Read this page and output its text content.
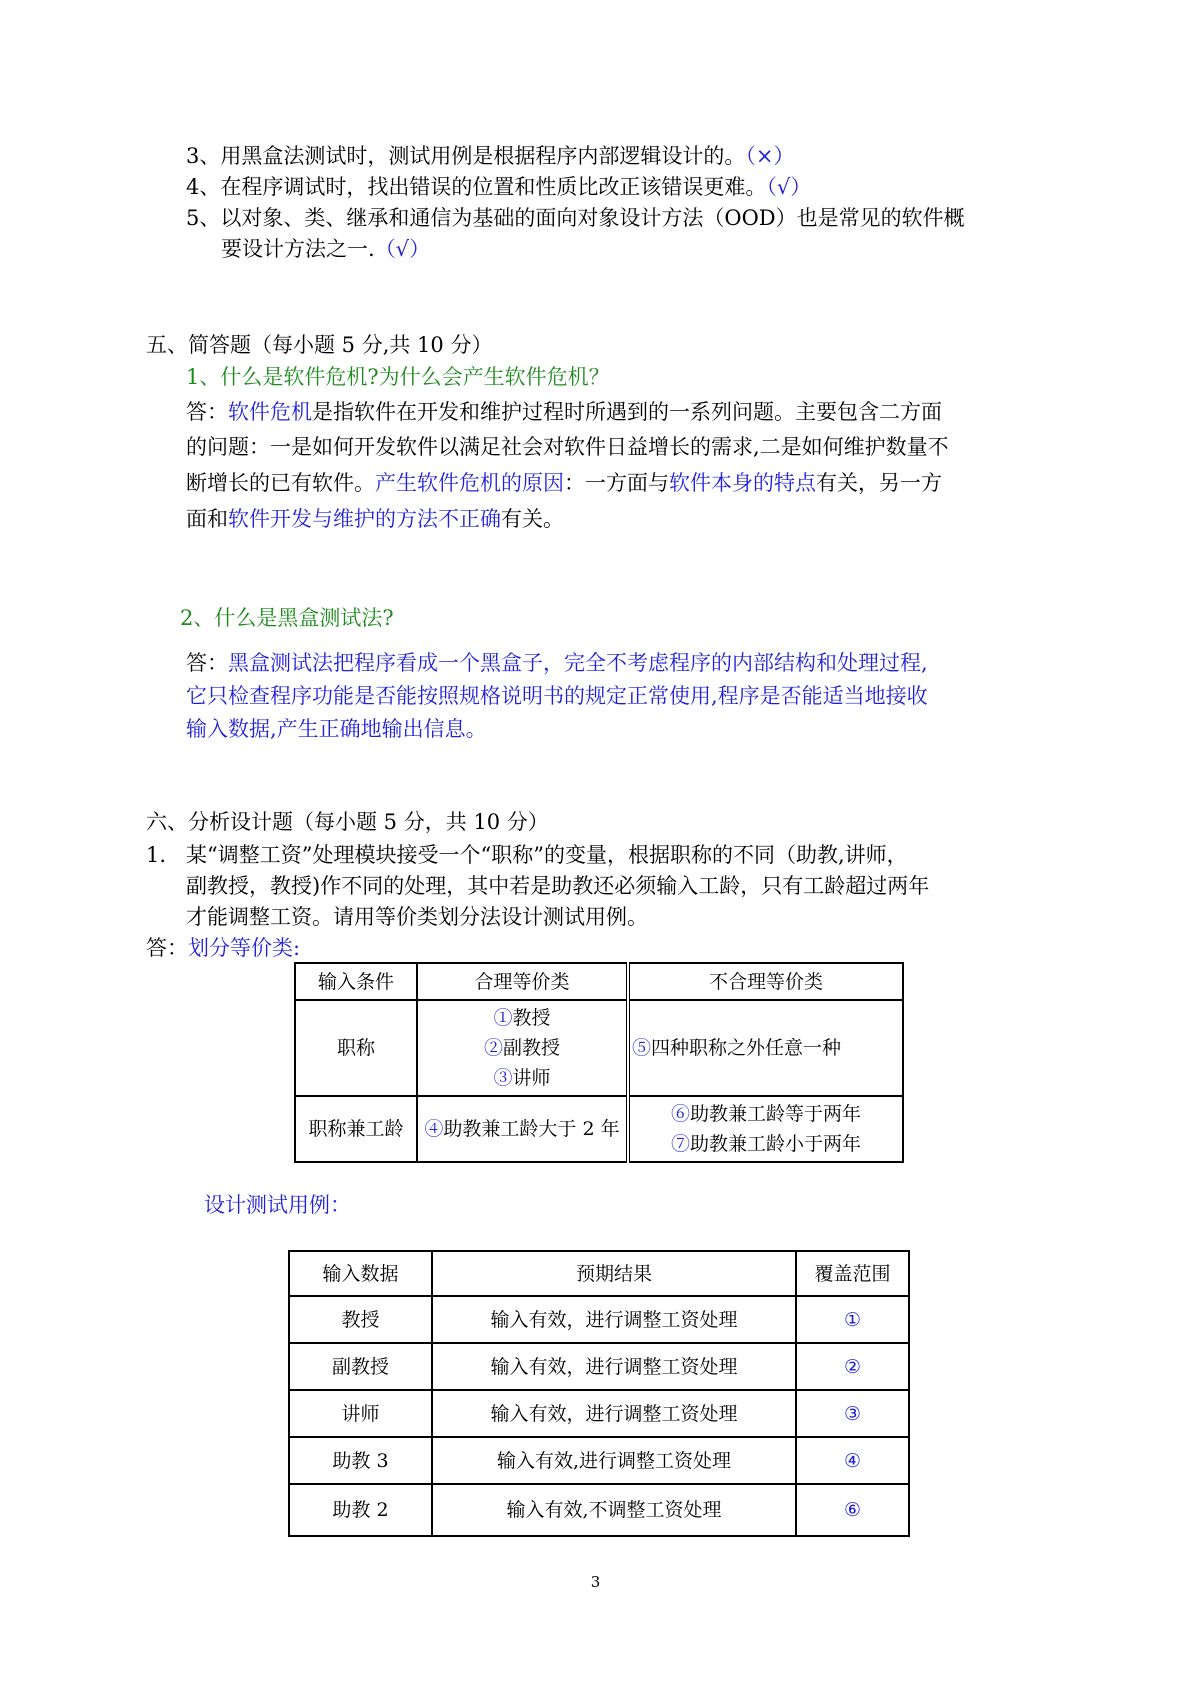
3、用黑盒法测试时，测试用例是根据程序内部逻辑设计的。（×）
4、在程序调试时，找出错误的位置和性质比改正该错误更难。（√）
5、以对象、类、继承和通信为基础的面向对象设计方法（OOD）也是常见的软件概
要设计方法之一.（√）
五、简答题（每小题 5 分,共 10 分）
1、什么是软件危机?为什么会产生软件危机？
答：软件危机是指软件在开发和维护过程时所遇到的一系列问题。主要包含二方面
的问题：一是如何开发软件以满足社会对软件日益增长的需求,二是如何维护数量不
断增长的已有软件。产生软件危机的原因：一方面与软件本身的特点有关，另一方
面和软件开发与维护的方法不正确有关。
2、什么是黑盒测试法?
答：黑盒测试法把程序看成一个黑盒子，完全不考虑程序的内部结构和处理过程,
它只检查程序功能是否能按照规格说明书的规定正常使用,程序是否能适当地接收
输入数据,产生正确地输出信息。
六、分析设计题（每小题 5 分，共 10 分）
1. 某“调整工资”处理模块接受一个“职称”的变量，根据职称的不同（助教,讲师，
副教授，教授)作不同的处理，其中若是助教还必须输入工龄，只有工龄超过两年
才能调整工资。请用等价类划分法设计测试用例。
答：划分等价类:
输入条件	合理等价类	不合理等价类
职称	①教授
②副教授
③讲师	⑤四种职称之外任意一种
职称兼工龄	④助教兼工龄大于 2 年	⑥助教兼工龄等于两年
⑦助教兼工龄小于两年
设计测试用例：
输入数据	预期结果	覆盖范围
教授	输入有效，进行调整工资处理	①
副教授	输入有效，进行调整工资处理	②
讲师	输入有效，进行调整工资处理	③
助教 3	输入有效,进行调整工资处理	④
助教 2	输入有效,不调整工资处理	⑥
3
